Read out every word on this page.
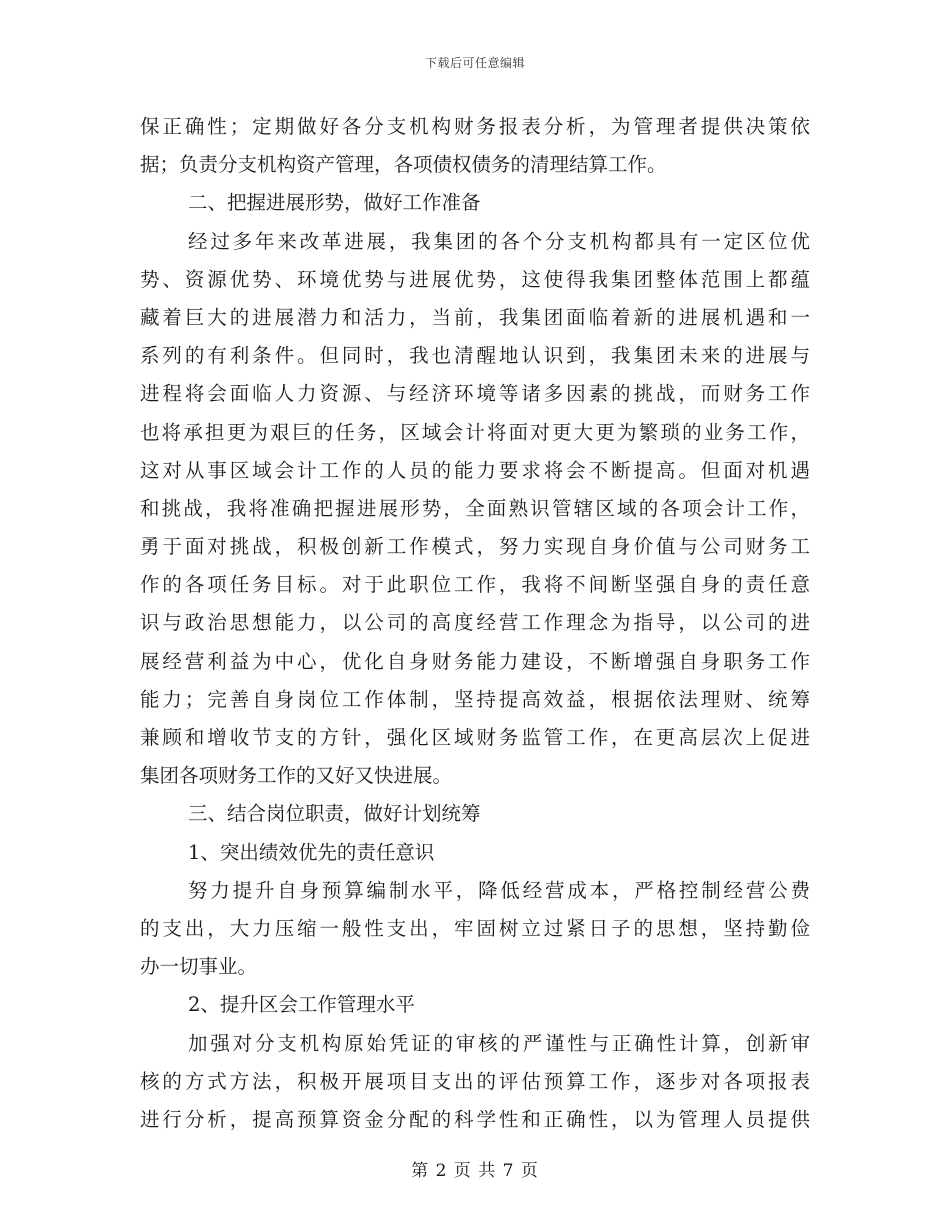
下载后可任意编辑
保正确性；定期做好各分支机构财务报表分析，为管理者提供决策依
据；负责分支机构资产管理，各项债权债务的清理结算工作。
二、把握进展形势，做好工作准备
经过多年来改革进展，我集团的各个分支机构都具有一定区位优
势、资源优势、环境优势与进展优势，这使得我集团整体范围上都蕴
藏着巨大的进展潜力和活力，当前，我集团面临着新的进展机遇和一
系列的有利条件。但同时，我也清醒地认识到，我集团未来的进展与
进程将会面临人力资源、与经济环境等诸多因素的挑战，而财务工作
也将承担更为艰巨的任务，区域会计将面对更大更为繁琐的业务工作，
这对从事区域会计工作的人员的能力要求将会不断提高。但面对机遇
和挑战，我将准确把握进展形势，全面熟识管辖区域的各项会计工作，
勇于面对挑战，积极创新工作模式，努力实现自身价值与公司财务工
作的各项任务目标。对于此职位工作，我将不间断坚强自身的责任意
识与政治思想能力，以公司的高度经营工作理念为指导，以公司的进
展经营利益为中心，优化自身财务能力建设，不断增强自身职务工作
能力；完善自身岗位工作体制，坚持提高效益，根据依法理财、统筹
兼顾和增收节支的方针，强化区域财务监管工作，在更高层次上促进
集团各项财务工作的又好又快进展。
三、结合岗位职责，做好计划统筹
1、突出绩效优先的责任意识
努力提升自身预算编制水平，降低经营成本，严格控制经营公费
的支出，大力压缩一般性支出，牢固树立过紧日子的思想，坚持勤俭
办一切事业。
2、提升区会工作管理水平
加强对分支机构原始凭证的审核的严谨性与正确性计算，创新审
核的方式方法，积极开展项目支出的评估预算工作，逐步对各项报表
进行分析，提高预算资金分配的科学性和正确性，以为管理人员提供
第 2 页 共 7 页
